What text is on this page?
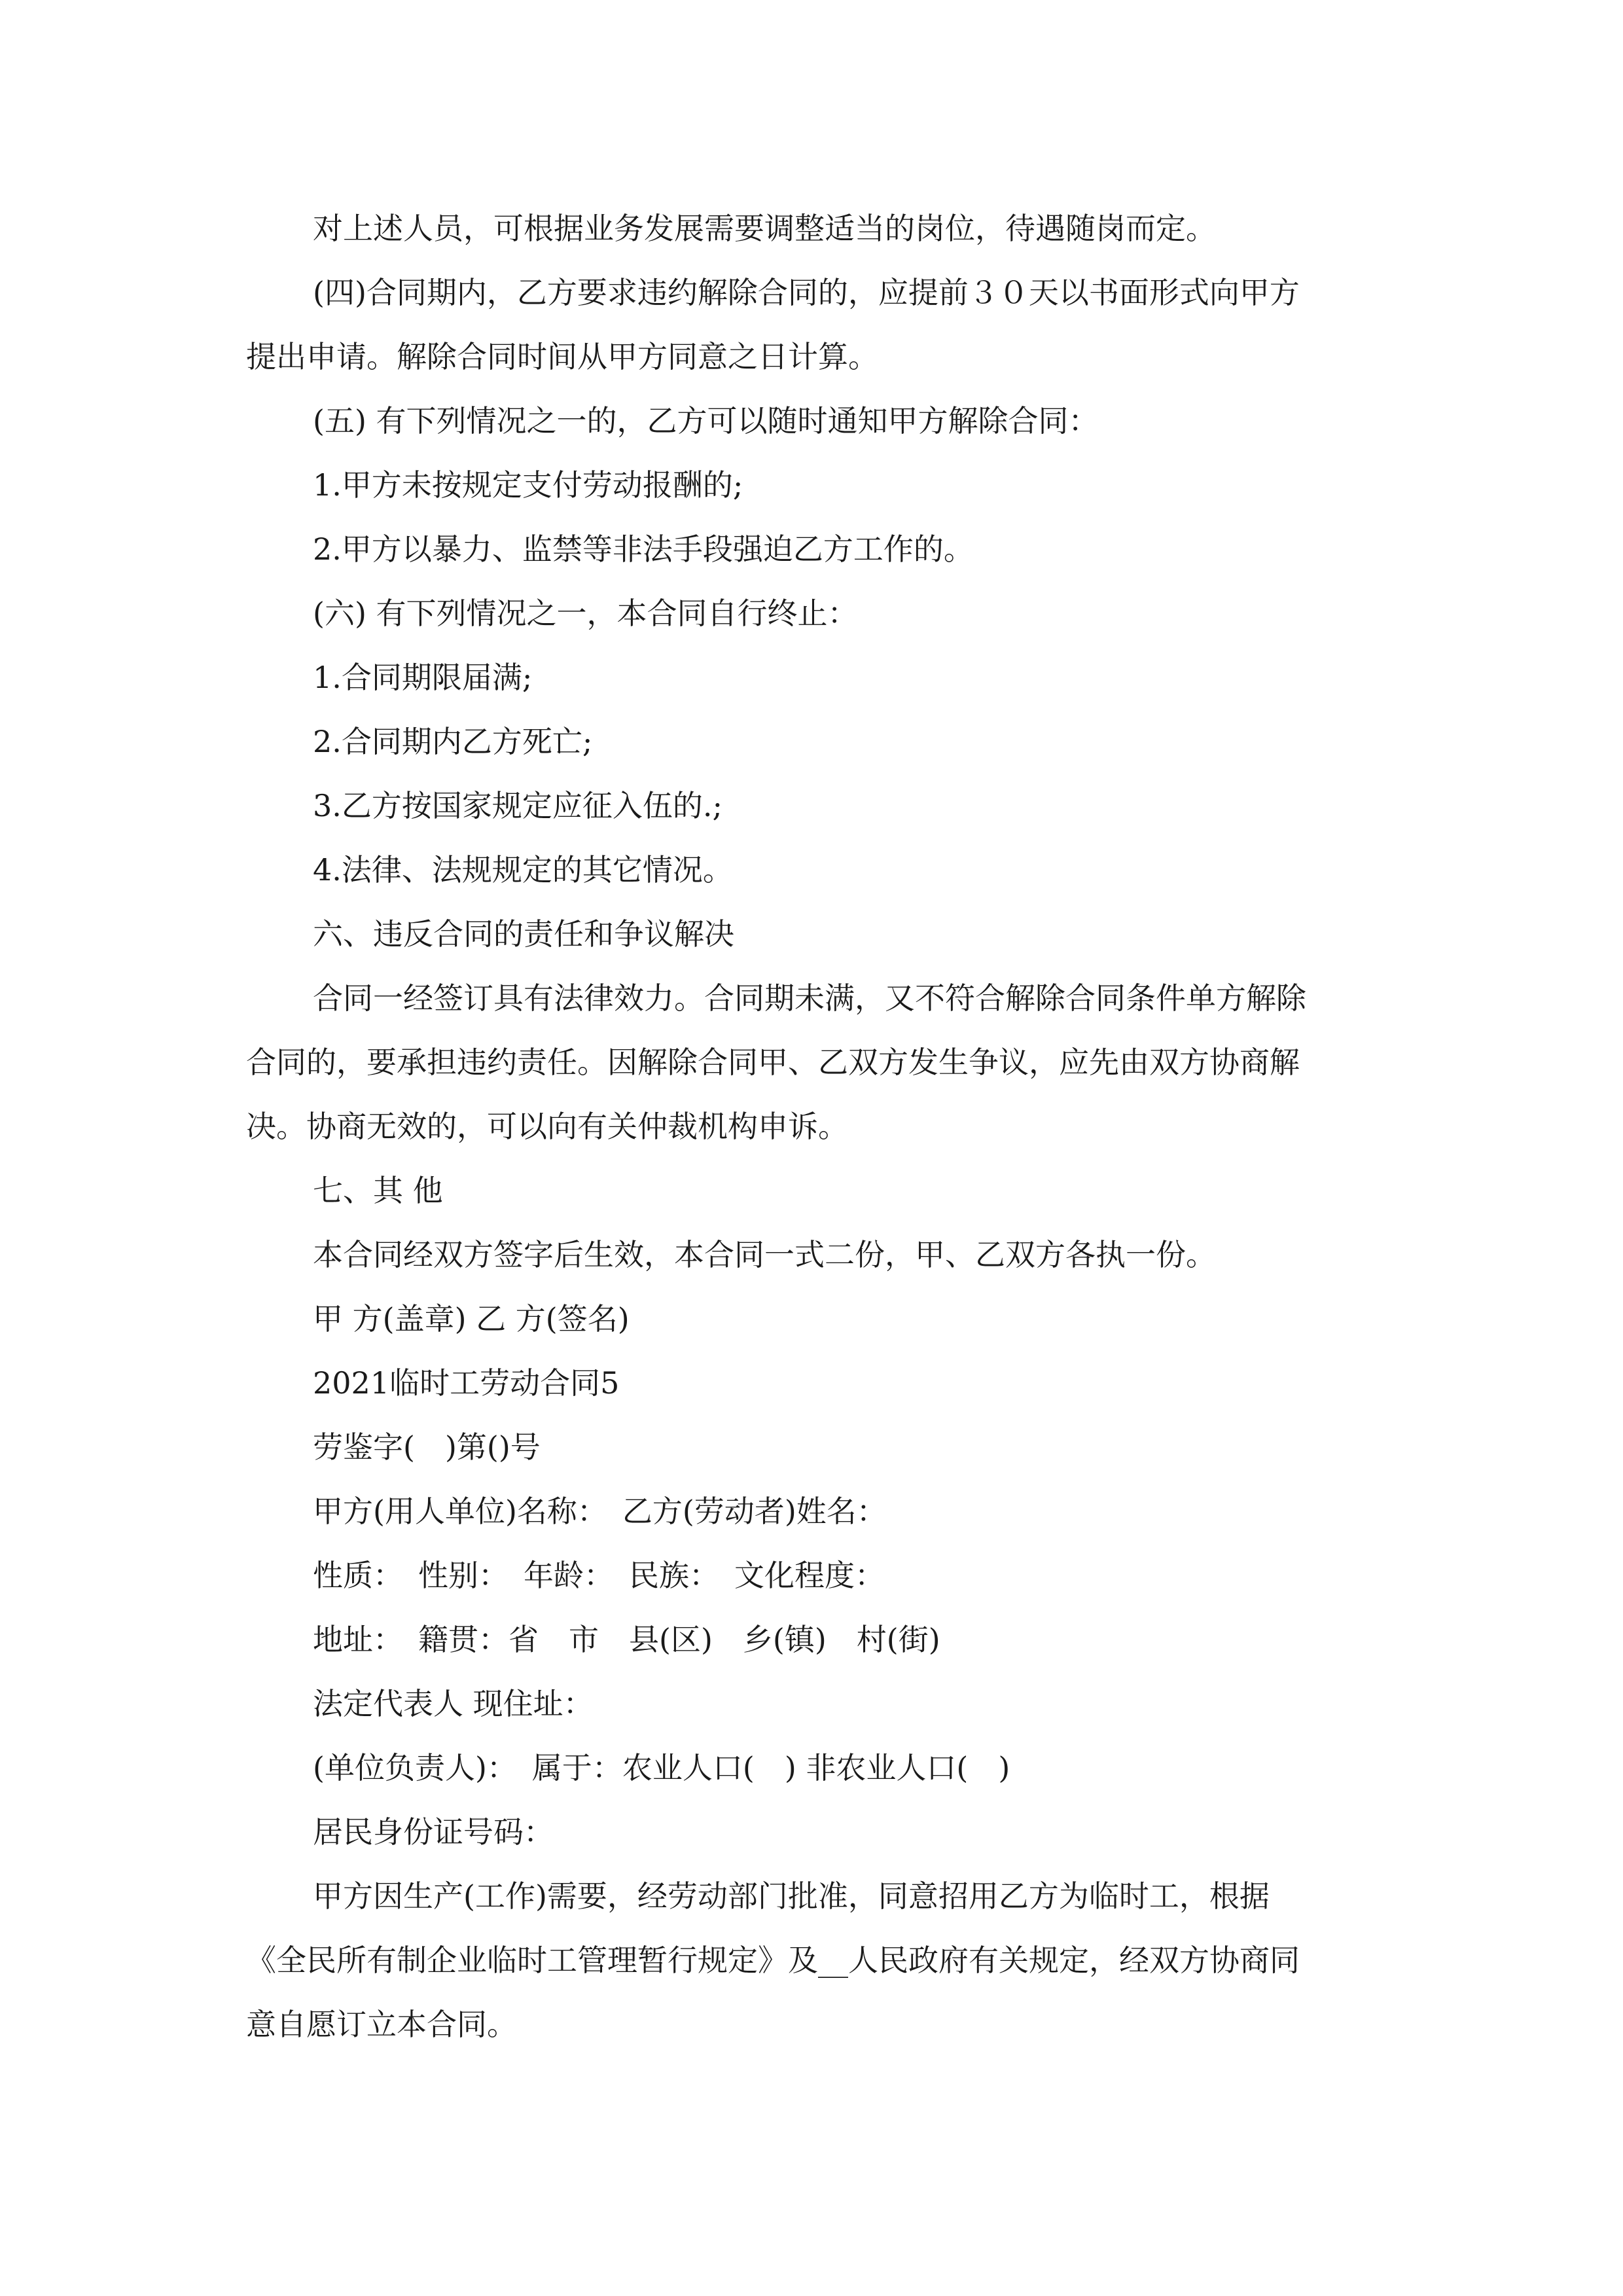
对上述人员，可根据业务发展需要调整适当的岗位，待遇随岗而定。
(四)合同期内，乙方要求违约解除合同的，应提前３０天以书面形式向甲方
提出申请。解除合同时间从甲方同意之日计算。
(五) 有下列情况之一的，乙方可以随时通知甲方解除合同：
1.甲方未按规定支付劳动报酬的;
2.甲方以暴力、监禁等非法手段强迫乙方工作的。
(六) 有下列情况之一，本合同自行终止：
1.合同期限届满;
2.合同期内乙方死亡;
3.乙方按国家规定应征入伍的.;
4.法律、法规规定的其它情况。
六、违反合同的责任和争议解决
合同一经签订具有法律效力。合同期未满，又不符合解除合同条件单方解除
合同的，要承担违约责任。因解除合同甲、乙双方发生争议，应先由双方协商解
决。协商无效的，可以向有关仲裁机构申诉。
七、其 他
本合同经双方签字后生效，本合同一式二份，甲、乙双方各执一份。
甲 方(盖章) 乙 方(签名)
2021临时工劳动合同5
劳鉴字(　)第()号
甲方(用人单位)名称：　乙方(劳动者)姓名：
性质：　性别：　年龄：　民族：　文化程度：
地址：　籍贯：省　市　县(区)　乡(镇)　村(街)
法定代表人 现住址：
(单位负责人)：　属于：农业人口(　) 非农业人口(　)
居民身份证号码：
甲方因生产(工作)需要，经劳动部门批准，同意招用乙方为临时工，根据
《全民所有制企业临时工管理暂行规定》及__人民政府有关规定，经双方协商同
意自愿订立本合同。
